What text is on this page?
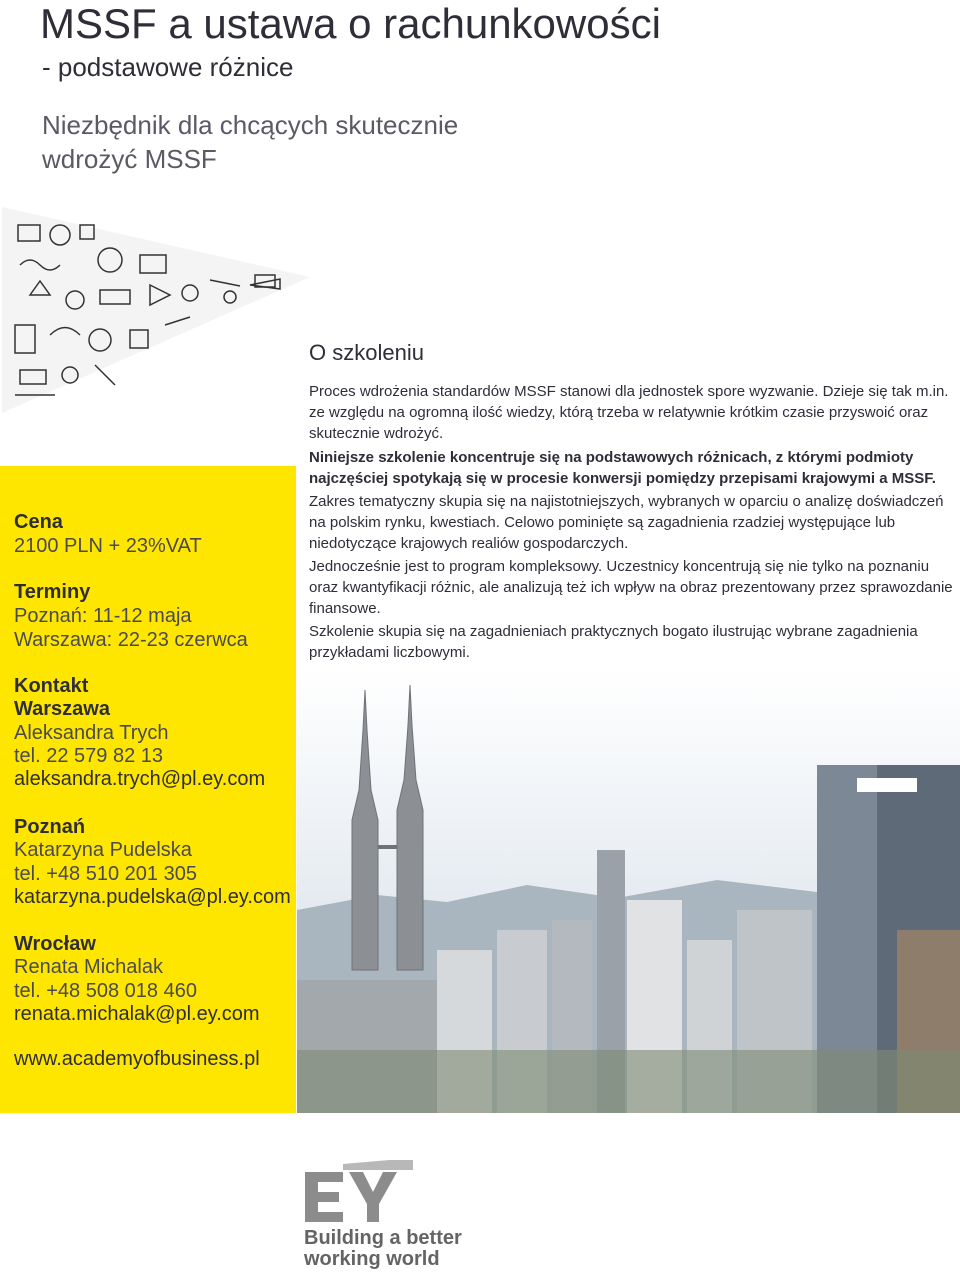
MSSF a ustawa o rachunkowości
- podstawowe różnice
Niezbędnik dla chcących skutecznie wdrożyć MSSF
Cena
2100 PLN + 23%VAT
Terminy
Poznań: 11-12 maja
Warszawa: 22-23 czerwca
Kontakt
Warszawa
Aleksandra Trych
tel. 22 579 82 13
aleksandra.trych@pl.ey.com
Poznań
Katarzyna Pudelska
tel. +48 510 201 305
katarzyna.pudelska@pl.ey.com
Wrocław
Renata Michalak
tel. +48 508 018 460
renata.michalak@pl.ey.com
www.academyofbusiness.pl
O szkoleniu
Proces wdrożenia standardów MSSF stanowi dla jednostek spore wyzwanie. Dzieje się tak m.in. ze względu na ogromną ilość wiedzy, którą trzeba w relatywnie krótkim czasie przyswoić oraz skutecznie wdrożyć.
Niniejsze szkolenie koncentruje się na podstawowych różnicach, z którymi podmioty najczęściej spotykają się w procesie konwersji pomiędzy przepisami krajowymi a MSSF.
Zakres tematyczny skupia się na najistotniejszych, wybranych w oparciu o analizę doświadczeń na polskim rynku, kwestiach. Celowo pominięte są zagadnienia rzadziej występujące lub niedotyczące krajowych realiów gospodarczych.
Jednocześnie jest to program kompleksowy. Uczestnicy koncentrują się nie tylko na poznaniu oraz kwantyfikacji różnic, ale analizują też ich wpływ na obraz prezentowany przez sprawozdanie finansowe.
Szkolenie skupia się na zagadnieniach praktycznych bogato ilustrując wybrane zagadnienia przykładami liczbowymi.
Building a better working world
